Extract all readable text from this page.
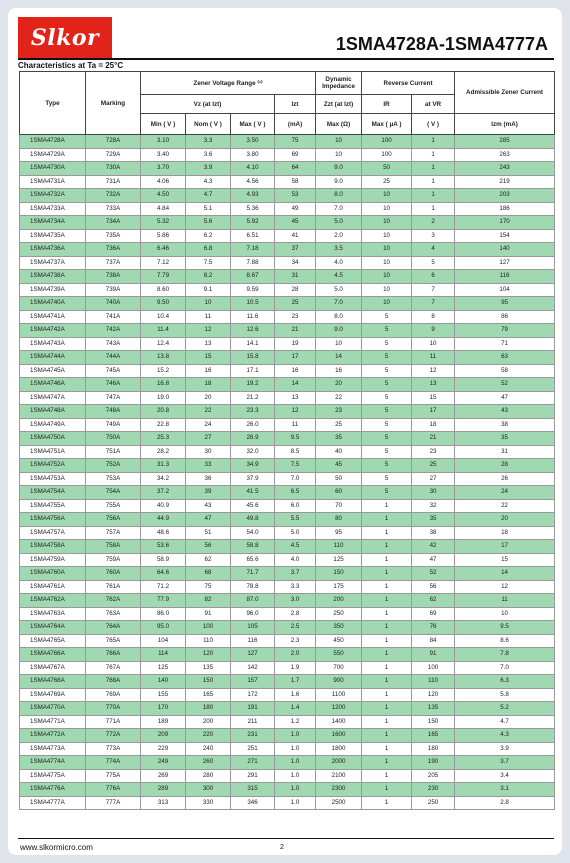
Slkor	1SMA4728A-1SMA4777A
Characteristics at Ta = 25°C
Type	Marking	Zener Voltage Range ⁽¹⁾				Dynamic Impedance	Reverse Current		Admissible Zener Current
		Vz (at Izt)			Izt	Zzt (at Izt)	IR	at VR	
		Min ( V )	Nom ( V )	Max ( V )	(mA)	Max (Ω)	Max ( μA )	( V )	Izm (mA)
1SMA4728A	728A	3.10	3.3	3.50	75	10	100	1	285
1SMA4729A	729A	3.40	3.6	3.80	69	10	100	1	263
1SMA4730A	730A	3.70	3.9	4.10	64	9.0	50	1	243
1SMA4731A	731A	4.06	4.3	4.56	58	9.0	25	1	219
1SMA4732A	732A	4.50	4.7	4.93	53	8.0	10	1	203
1SMA4733A	733A	4.84	5.1	5.36	49	7.0	10	1	186
1SMA4734A	734A	5.32	5.6	5.92	45	5.0	10	2	170
1SMA4735A	735A	5.86	6.2	6.51	41	2.0	10	3	154
1SMA4736A	736A	6.46	6.8	7.18	37	3.5	10	4	140
1SMA4737A	737A	7.12	7.5	7.88	34	4.0	10	5	127
1SMA4738A	738A	7.79	8.2	8.67	31	4.5	10	6	116
1SMA4739A	739A	8.60	9.1	9.59	28	5.0	10	7	104
1SMA4740A	740A	9.50	10	10.5	25	7.0	10	7	95
1SMA4741A	741A	10.4	11	11.6	23	8.0	5	8	86
1SMA4742A	742A	11.4	12	12.6	21	9.0	5	9	79
1SMA4743A	743A	12.4	13	14.1	19	10	5	10	71
1SMA4744A	744A	13.8	15	15.8	17	14	5	11	63
1SMA4745A	745A	15.2	16	17.1	16	16	5	12	58
1SMA4746A	746A	16.8	18	19.2	14	20	5	13	52
1SMA4747A	747A	19.0	20	21.2	13	22	5	15	47
1SMA4748A	748A	20.8	22	23.3	12	23	5	17	43
1SMA4749A	749A	22.8	24	26.0	11	25	5	18	38
1SMA4750A	750A	25.3	27	28.9	9.5	35	5	21	35
1SMA4751A	751A	28.2	30	32.0	8.5	40	5	23	31
1SMA4752A	752A	31.3	33	34.9	7.5	45	5	25	28
1SMA4753A	753A	34.2	36	37.9	7.0	50	5	27	26
1SMA4754A	754A	37.2	39	41.5	6.5	60	5	30	24
1SMA4755A	755A	40.9	43	45.6	6.0	70	1	32	22
1SMA4756A	756A	44.9	47	49.8	5.5	80	1	35	20
1SMA4757A	757A	48.6	51	54.0	5.0	95	1	38	18
1SMA4758A	758A	53.6	56	58.8	4.5	110	1	42	17
1SMA4759A	759A	58.9	62	65.6	4.0	125	1	47	15
1SMA4760A	760A	64.6	68	71.7	3.7	150	1	52	14
1SMA4761A	761A	71.2	75	78.8	3.3	175	1	56	12
1SMA4762A	762A	77.9	82	87.0	3.0	200	1	62	11
1SMA4763A	763A	86.0	91	96.0	2.8	250	1	69	10
1SMA4764A	764A	95.0	100	105	2.5	350	1	76	9.5
1SMA4765A	765A	104	110	116	2.3	450	1	84	8.6
1SMA4766A	766A	114	120	127	2.0	550	1	91	7.8
1SMA4767A	767A	125	135	142	1.9	700	1	100	7.0
1SMA4768A	768A	140	150	157	1.7	900	1	110	6.3
1SMA4769A	769A	155	165	172	1.6	1100	1	120	5.8
1SMA4770A	770A	170	180	191	1.4	1200	1	135	5.2
1SMA4771A	771A	189	200	211	1.2	1400	1	150	4.7
1SMA4772A	772A	209	220	231	1.0	1600	1	165	4.3
1SMA4773A	773A	229	240	251	1.0	1800	1	180	3.9
1SMA4774A	774A	249	260	271	1.0	2000	1	190	3.7
1SMA4775A	775A	269	280	291	1.0	2100	1	205	3.4
1SMA4776A	776A	289	300	315	1.0	2300	1	230	3.1
1SMA4777A	777A	313	330	346	1.0	2500	1	250	2.8
www.slkormicro.com	2
